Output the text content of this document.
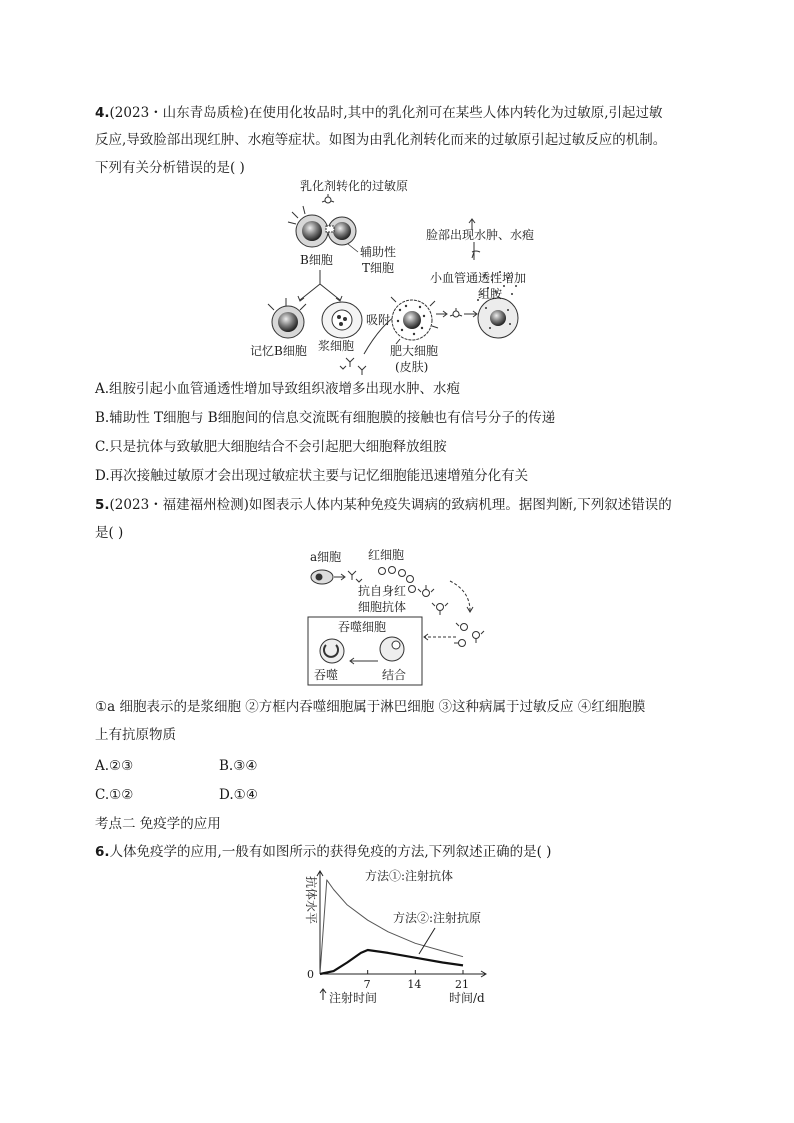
4.(2023・山东青岛质检)在使用化妆品时,其中的乳化剂可在某些人体内转化为过敏原,引起过敏
反应,导致脸部出现红肿、水疱等症状。如图为由乳化剂转化而来的过敏原引起过敏反应的机制。
下列有关分析错误的是( )
乳化剂转化的过敏原
辅助性
T细胞
B细胞
记忆B细胞 浆细胞
吸附
肥大细胞
(皮肤)
组胺
小血管通透性增加
脸部出现水肿、水疱
A.组胺引起小血管通透性增加导致组织液增多出现水肿、水疱
B.辅助性 T细胞与 B细胞间的信息交流既有细胞膜的接触也有信号分子的传递
C.只是抗体与致敏肥大细胞结合不会引起肥大细胞释放组胺
D.再次接触过敏原才会出现过敏症状主要与记忆细胞能迅速增殖分化有关
5.(2023・福建福州检测)如图表示人体内某种免疫失调病的致病机理。据图判断,下列叙述错误的
是( )
a细胞 红细胞
抗自身红
细胞抗体
吞噬细胞
吞噬	结合
①a 细胞表示的是浆细胞 ②方框内吞噬细胞属于淋巴细胞 ③这种病属于过敏反应 ④红细胞膜
上有抗原物质
A.②③	B.③④
C.①②	D.①④
考点二 免疫学的应用
6.人体免疫学的应用,一般有如图所示的获得免疫的方法,下列叙述正确的是( )
抗体水平
0
7	14	21
方法①:注射抗体
方法②:注射抗原
注射时间	时间/d
